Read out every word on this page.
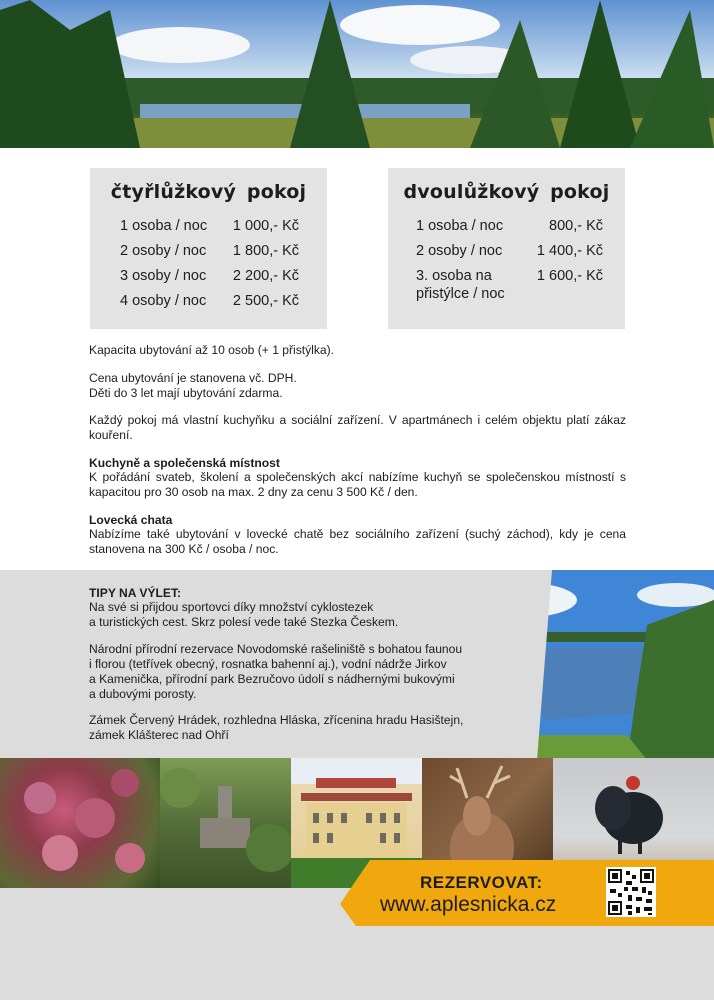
čtyřlůžkový pokoj
1 osoba / noc 1 000,- Kč
2 osoby / noc 1 800,- Kč
3 osoby / noc 2 200,- Kč
4 osoby / noc 2 500,- Kč
dvoulůžkový pokoj
1 osoba / noc	800,- Kč
2 osoby / noc 1 400,- Kč
3. osoba na
přistýlce / noc
1 600,- Kč
Kapacita ubytování až 10 osob (+ 1 přistýlka).
Cena ubytování je stanovena vč. DPH.
Děti do 3 let mají ubytování zdarma.
Každý pokoj má vlastní kuchyňku a sociální zařízení. V apartmánech i celém objektu platí zákaz kouření.
Kuchyně a společenská místnost
K pořádání svateb, školení a společenských akcí nabízíme kuchyň se společenskou místností s kapacitou pro 30 osob na max. 2 dny za cenu 3 500 Kč / den.
Lovecká chata
Nabízíme také ubytování v lovecké chatě bez sociálního zařízení (suchý záchod), kdy je cena stanovena na 300 Kč / osoba / noc.
TIPY NA VÝLET:
Na své si přijdou sportovci díky množství cyklostezek
a turistických cest. Skrz polesí vede také Stezka Českem.
Národní přírodní rezervace Novodomské rašeliniště s bohatou faunou
i florou (tetřívek obecný, rosnatka bahenní aj.), vodní nádrže Jirkov
a Kamenička, přírodní park Bezručovo údolí s nádhernými bukovými
a dubovými porosty.
Zámek Červený Hrádek, rozhledna Hláska, zřícenina hradu Hasištejn,
zámek Klášterec nad Ohří
REZERVOVAT:
www.aplesnicka.cz
